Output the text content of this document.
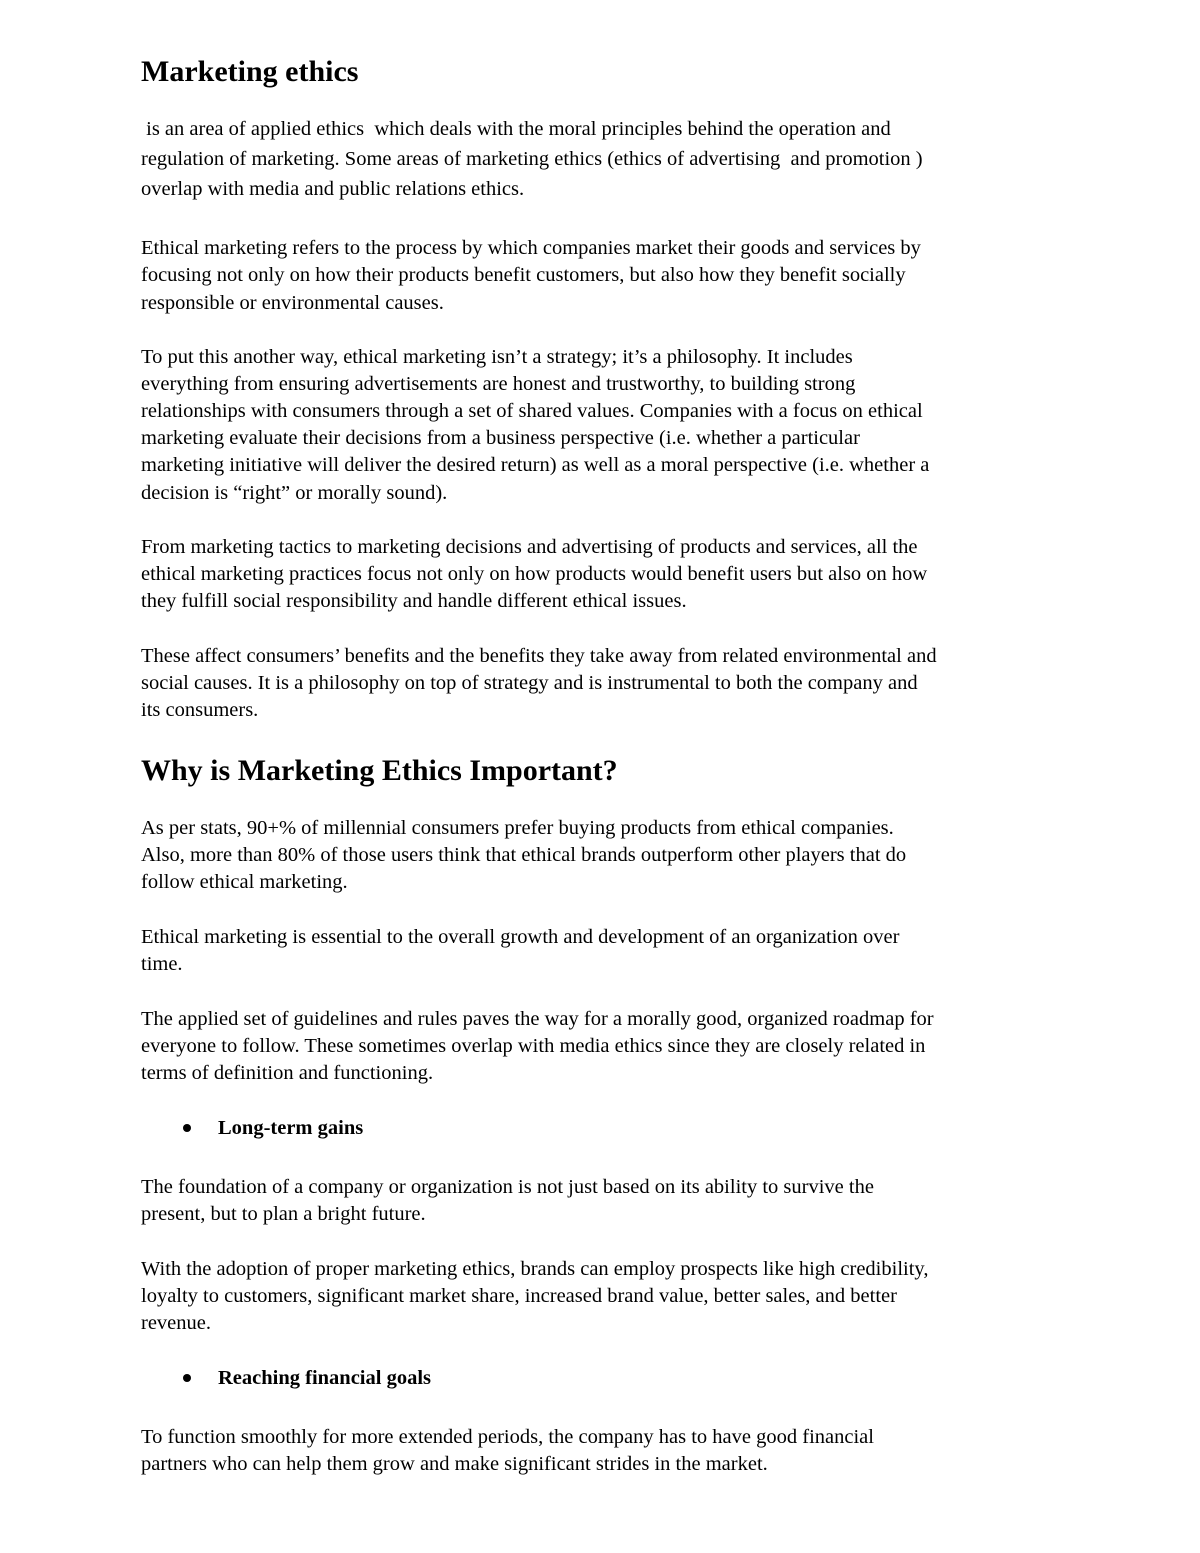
Marketing ethics

is an area of applied ethics  which deals with the moral principles behind the operation and

regulation of marketing. Some areas of marketing ethics (ethics of advertising  and promotion )

overlap with media and public relations ethics.

Ethical marketing refers to the process by which companies market their goods and services by

focusing not only on how their products benefit customers, but also how they benefit socially

responsible or environmental causes.

To put this another way, ethical marketing isn’t a strategy; it’s a philosophy. It includes

everything from ensuring advertisements are honest and trustworthy, to building strong

relationships with consumers through a set of shared values. Companies with a focus on ethical

marketing evaluate their decisions from a business perspective (i.e. whether a particular

marketing initiative will deliver the desired return) as well as a moral perspective (i.e. whether a

decision is “right” or morally sound).

From marketing tactics to marketing decisions and advertising of products and services, all the

ethical marketing practices focus not only on how products would benefit users but also on how

they fulfill social responsibility and handle different ethical issues.

These affect consumers’ benefits and the benefits they take away from related environmental and

social causes. It is a philosophy on top of strategy and is instrumental to both the company and

its consumers.

Why is Marketing Ethics Important?

As per stats, 90+% of millennial consumers prefer buying products from ethical companies.

Also, more than 80% of those users think that ethical brands outperform other players that do

follow ethical marketing.

Ethical marketing is essential to the overall growth and development of an organization over

time.

The applied set of guidelines and rules paves the way for a morally good, organized roadmap for

everyone to follow. These sometimes overlap with media ethics since they are closely related in

terms of definition and functioning.

Long-term gains

The foundation of a company or organization is not just based on its ability to survive the

present, but to plan a bright future.

With the adoption of proper marketing ethics, brands can employ prospects like high credibility,

loyalty to customers, significant market share, increased brand value, better sales, and better

revenue.

Reaching financial goals

To function smoothly for more extended periods, the company has to have good financial

partners who can help them grow and make significant strides in the market.
